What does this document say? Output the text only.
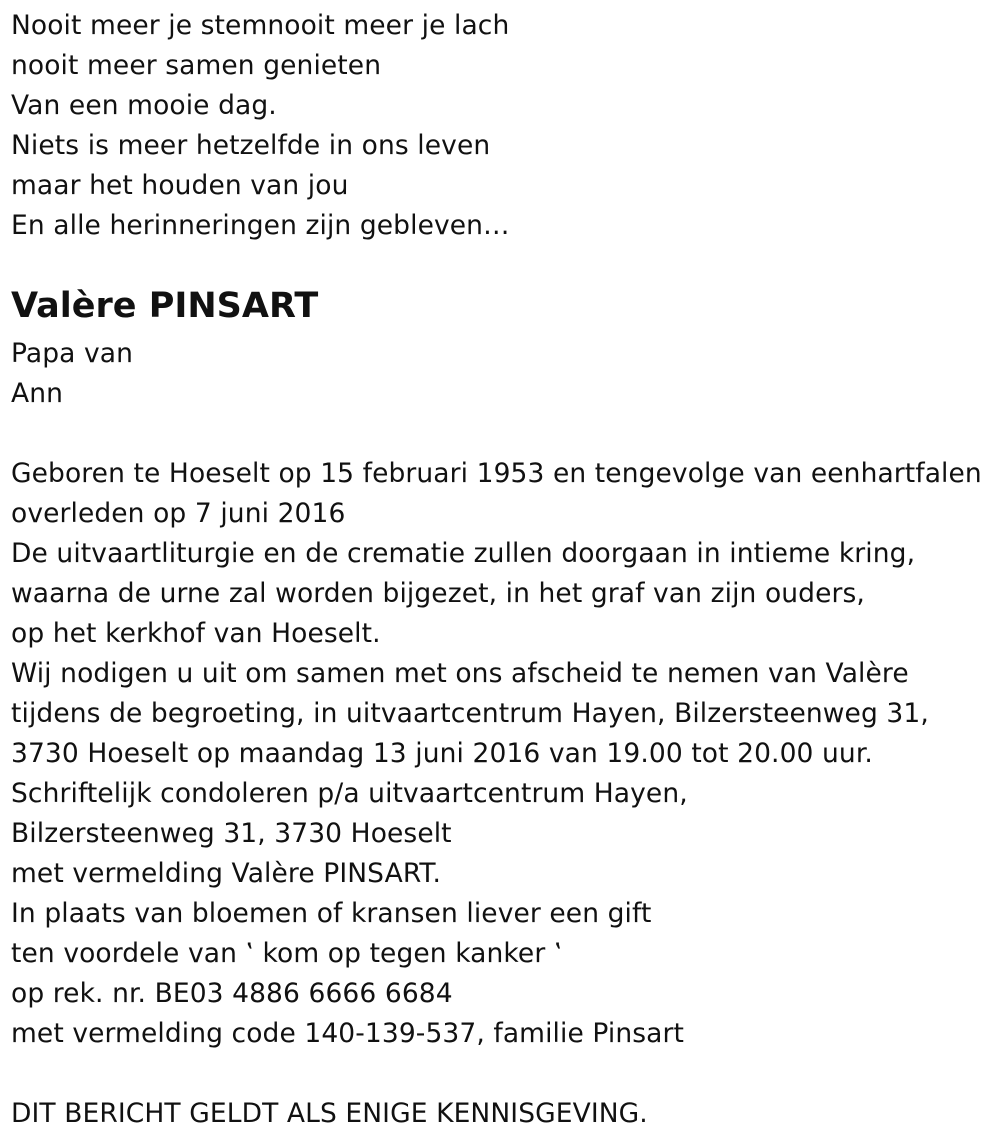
Nooit meer je stemnooit meer je lach
nooit meer samen genieten
Van een mooie dag.
Niets is meer hetzelfde in ons leven
maar het houden van jou
En alle herinneringen zijn gebleven…
Valère PINSART
Papa van
Ann
Geboren te Hoeselt op 15 februari 1953 en tengevolge van eenhartfalen
overleden op 7 juni 2016
De uitvaartliturgie en de crematie zullen doorgaan in intieme kring,
waarna de urne zal worden bijgezet, in het graf van zijn ouders,
op het kerkhof van Hoeselt.
Wij nodigen u uit om samen met ons afscheid te nemen van Valère
tijdens de begroeting, in uitvaartcentrum Hayen, Bilzersteenweg 31,
3730 Hoeselt op maandag 13 juni 2016 van 19.00 tot 20.00 uur.
Schriftelijk condoleren p/a uitvaartcentrum Hayen,
Bilzersteenweg 31, 3730 Hoeselt
met vermelding Valère PINSART.
In plaats van bloemen of kransen liever een gift
ten voordele van ‛ kom op tegen kanker ‛
op rek. nr. BE03 4886 6666 6684
met vermelding code 140-139-537, familie Pinsart
DIT BERICHT GELDT ALS ENIGE KENNISGEVING.
